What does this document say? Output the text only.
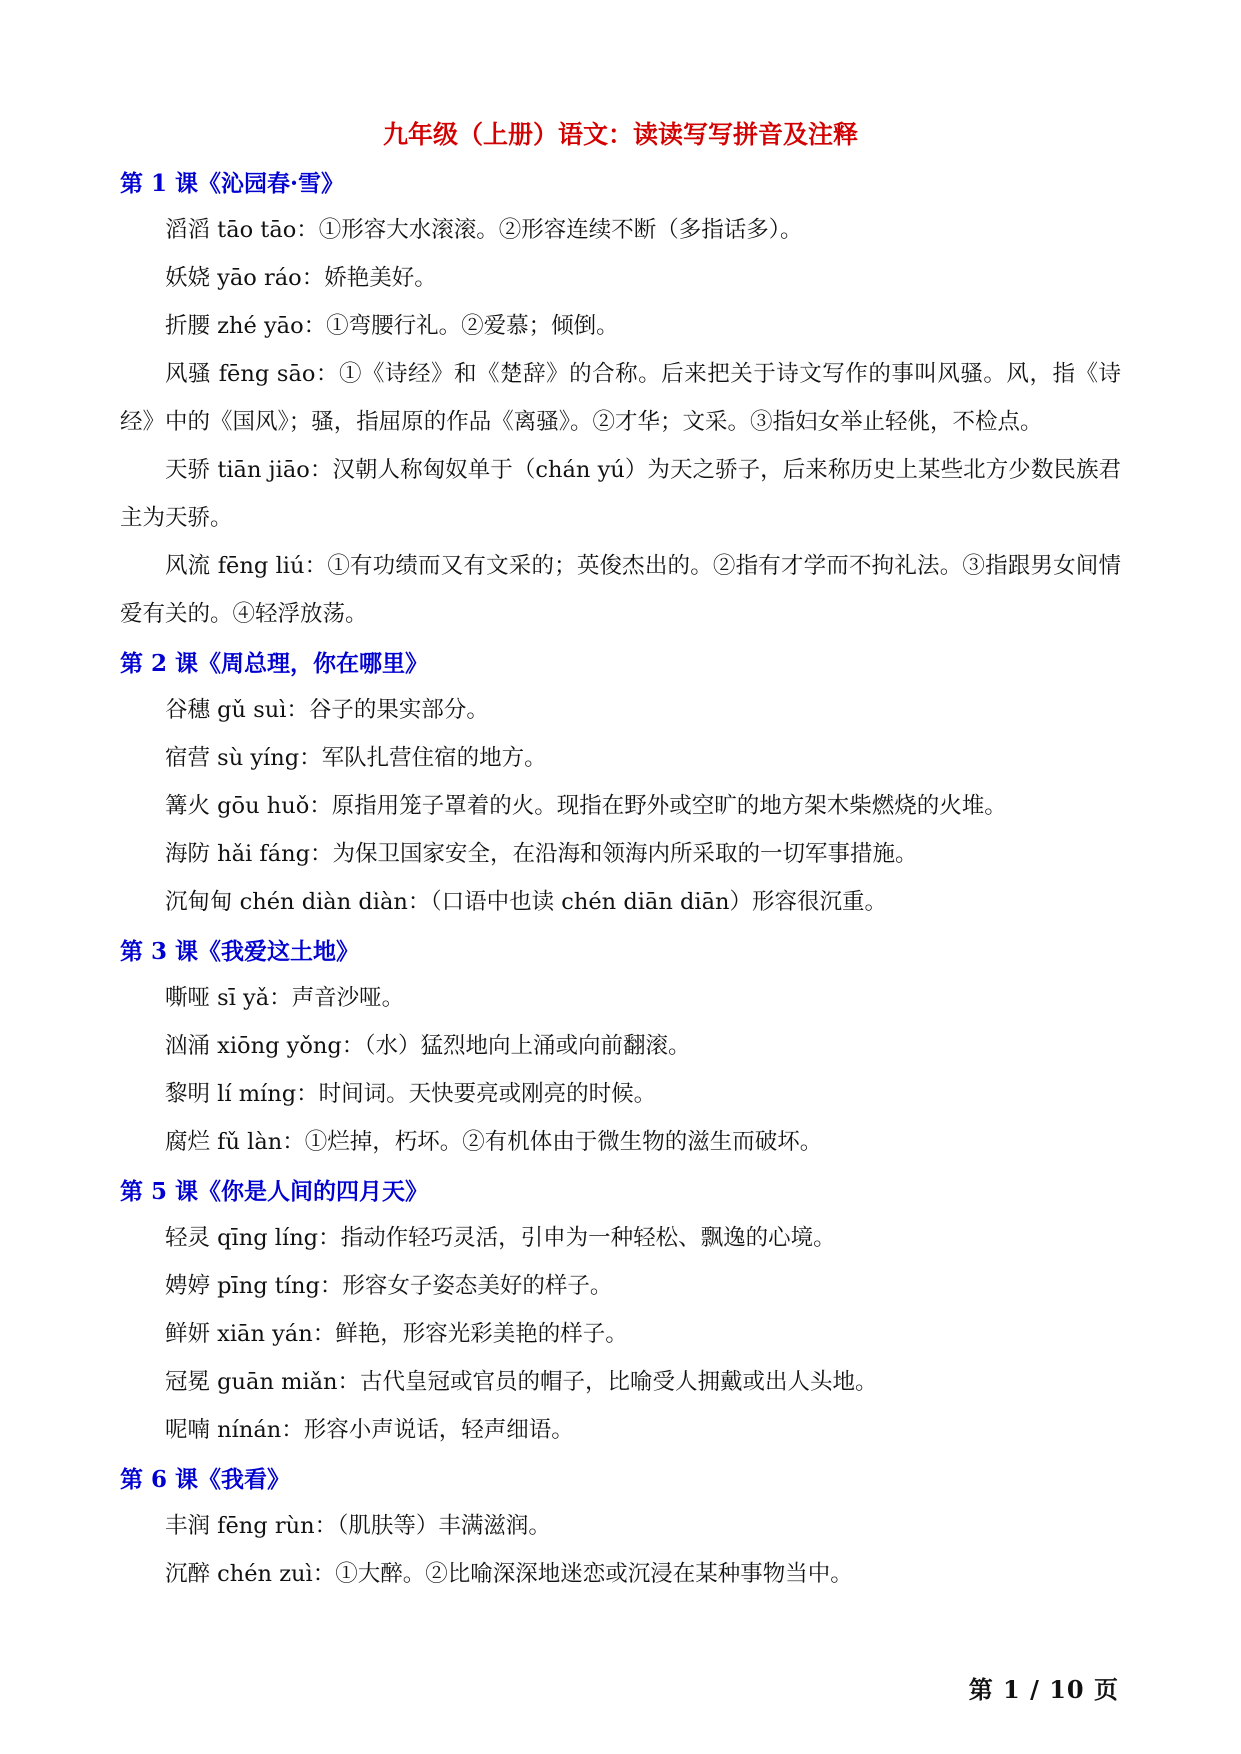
九年级（上册）语文：读读写写拼音及注释
第 1 课《沁园春·雪》

滔滔 tāo tāo：①形容大水滚滚。②形容连续不断（多指话多）。

妖娆 yāo ráo：娇艳美好。

折腰 zhé yāo：①弯腰行礼。②爱慕；倾倒。

风骚 fēng sāo：①《诗经》和《楚辞》的合称。后来把关于诗文写作的事叫风骚。风，指《诗经》中的《国风》；骚，指屈原的作品《离骚》。②才华；文采。③指妇女举止轻佻，不检点。

天骄 tiān jiāo：汉朝人称匈奴单于（chán yú）为天之骄子，后来称历史上某些北方少数民族君主为天骄。

风流 fēng liú：①有功绩而又有文采的；英俊杰出的。②指有才学而不拘礼法。③指跟男女间情爱有关的。④轻浮放荡。

第 2 课《周总理，你在哪里》

谷穗 gǔ suì：谷子的果实部分。

宿营 sù yíng：军队扎营住宿的地方。

篝火 gōu huǒ：原指用笼子罩着的火。现指在野外或空旷的地方架木柴燃烧的火堆。

海防 hǎi fáng：为保卫国家安全，在沿海和领海内所采取的一切军事措施。

沉甸甸 chén diàn diàn：（口语中也读 chén diān diān）形容很沉重。

第 3 课《我爱这土地》

嘶哑 sī yǎ：声音沙哑。

汹涌 xiōng yǒng：（水）猛烈地向上涌或向前翻滚。

黎明 lí míng：时间词。天快要亮或刚亮的时候。

腐烂 fǔ làn：①烂掉，朽坏。②有机体由于微生物的滋生而破坏。

第 5 课《你是人间的四月天》

轻灵 qīng líng：指动作轻巧灵活，引申为一种轻松、飘逸的心境。

娉婷 pīng tíng：形容女子姿态美好的样子。

鲜妍 xiān yán：鲜艳，形容光彩美艳的样子。

冠冕 guān miǎn：古代皇冠或官员的帽子，比喻受人拥戴或出人头地。

呢喃 nínán：形容小声说话，轻声细语。

第 6 课《我看》

丰润 fēng rùn：（肌肤等）丰满滋润。

沉醉 chén zuì：①大醉。②比喻深深地迷恋或沉浸在某种事物当中。

第 1 / 10 页
